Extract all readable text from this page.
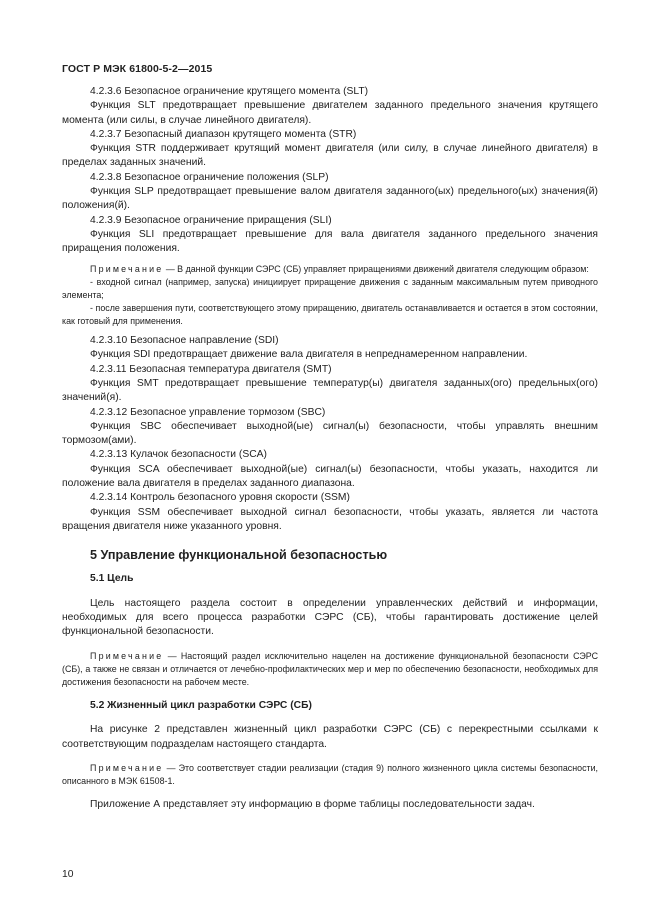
ГОСТ Р МЭК 61800-5-2—2015

4.2.3.6 Безопасное ограничение крутящего момента (SLT)

Функция SLT предотвращает превышение двигателем заданного предельного значения крутящего момента (или силы, в случае линейного двигателя).

4.2.3.7 Безопасный диапазон крутящего момента (STR)

Функция STR поддерживает крутящий момент двигателя (или силу, в случае линейного двигателя) в пределах заданных значений.

4.2.3.8 Безопасное ограничение положения (SLP)

Функция SLP предотвращает превышение валом двигателя заданного(ых) предельного(ых) значения(й) положения(й).

4.2.3.9 Безопасное ограничение приращения (SLI)

Функция SLI предотвращает превышение для вала двигателя заданного предельного значения приращения положения.

Примечание — В данной функции СЭРС (СБ) управляет приращениями движений двигателя следующим образом:

- входной сигнал (например, запуска) инициирует приращение движения с заданным максимальным путем приводного элемента;

- после завершения пути, соответствующего этому приращению, двигатель останавливается и остается в этом состоянии, как готовый для применения.

4.2.3.10 Безопасное направление (SDI)

Функция SDI предотвращает движение вала двигателя в непреднамеренном направлении.

4.2.3.11 Безопасная температура двигателя (SMT)

Функция SMT предотвращает превышение температур(ы) двигателя заданных(ого) предельных(ого) значений(я).

4.2.3.12 Безопасное управление тормозом (SBC)

Функция SBC обеспечивает выходной(ые) сигнал(ы) безопасности, чтобы управлять внешним тормозом(ами).

4.2.3.13 Кулачок безопасности (SCA)

Функция SCA обеспечивает выходной(ые) сигнал(ы) безопасности, чтобы указать, находится ли положение вала двигателя в пределах заданного диапазона.

4.2.3.14 Контроль безопасного уровня скорости (SSM)

Функция SSM обеспечивает выходной сигнал безопасности, чтобы указать, является ли частота вращения двигателя ниже указанного уровня.

5 Управление функциональной безопасностью

5.1 Цель

Цель настоящего раздела состоит в определении управленческих действий и информации, необходимых для всего процесса разработки СЭРС (СБ), чтобы гарантировать достижение целей функциональной безопасности.

Примечание — Настоящий раздел исключительно нацелен на достижение функциональной безопасности СЭРС (СБ), а также не связан и отличается от лечебно-профилактических мер и мер по обеспечению безопасности, необходимых для достижения безопасности на рабочем месте.

5.2 Жизненный цикл разработки СЭРС (СБ)

На рисунке 2 представлен жизненный цикл разработки СЭРС (СБ) с перекрестными ссылками к соответствующим подразделам настоящего стандарта.

Примечание — Это соответствует стадии реализации (стадия 9) полного жизненного цикла системы безопасности, описанного в МЭК 61508-1.

Приложение А представляет эту информацию в форме таблицы последовательности задач.

10
